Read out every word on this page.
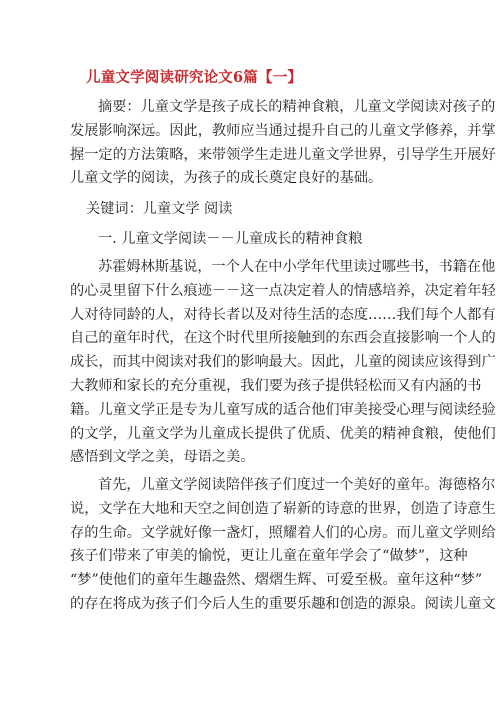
儿童文学阅读研究论文6篇【一】
摘要：儿童文学是孩子成长的精神食粮，儿童文学阅读对孩子的
发展影响深远。因此，教师应当通过提升自己的儿童文学修养，并掌
握一定的方法策略，来带领学生走进儿童文学世界，引导学生开展好
儿童文学的阅读，为孩子的成长奠定良好的基础。
关键词：儿童文学 阅读
一. 儿童文学阅读－－儿童成长的精神食粮
苏霍姆林斯基说，一个人在中小学年代里读过哪些书，书籍在他
的心灵里留下什么痕迹－－这一点决定着人的情感培养，决定着年轻
人对待同龄的人，对待长者以及对待生活的态度……我们每个人都有
自己的童年时代，在这个时代里所接触到的东西会直接影响一个人的
成长，而其中阅读对我们的影响最大。因此，儿童的阅读应该得到广
大教师和家长的充分重视，我们要为孩子提供轻松而又有内涵的书
籍。儿童文学正是专为儿童写成的适合他们审美接受心理与阅读经验
的文学，儿童文学为儿童成长提供了优质、优美的精神食粮，使他们
感悟到文学之美，母语之美。
首先，儿童文学阅读陪伴孩子们度过一个美好的童年。海德格尔
说，文学在大地和天空之间创造了崭新的诗意的世界，创造了诗意生
存的生命。文学就好像一盏灯，照耀着人们的心房。而儿童文学则给
孩子们带来了审美的愉悦，更让儿童在童年学会了“做梦”，这种
“梦”使他们的童年生趣盎然、熠熠生辉、可爱至极。童年这种“梦”
的存在将成为孩子们今后人生的重要乐趣和创造的源泉。阅读儿童文
